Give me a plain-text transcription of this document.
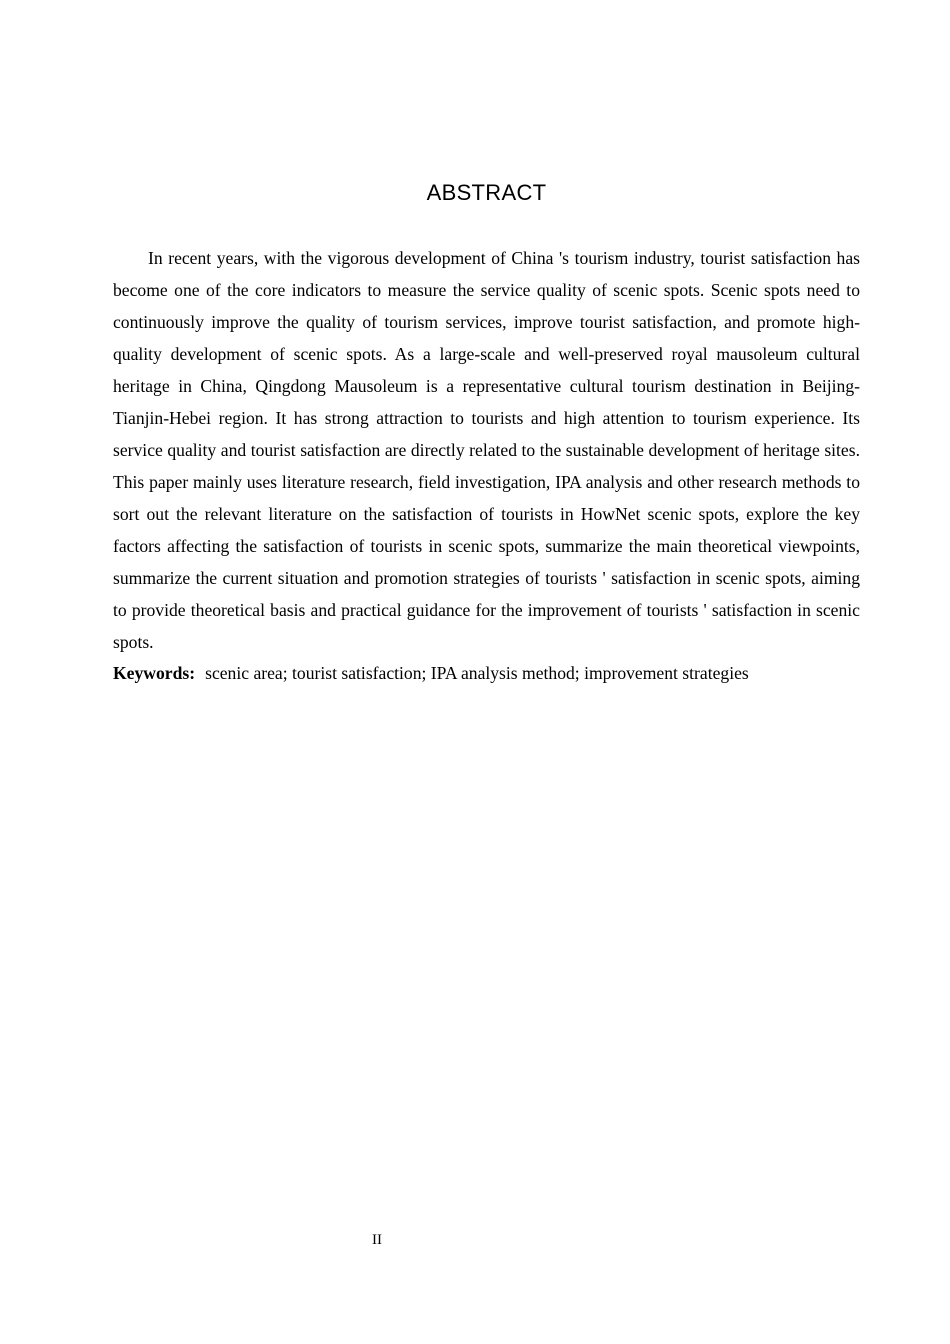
ABSTRACT

In recent years, with the vigorous development of China 's tourism industry, tourist satisfaction has become one of the core indicators to measure the service quality of scenic spots. Scenic spots need to continuously improve the quality of tourism services, improve tourist satisfaction, and promote high-quality development of scenic spots. As a large-scale and well-preserved royal mausoleum cultural heritage in China, Qingdong Mausoleum is a representative cultural tourism destination in Beijing-Tianjin-Hebei region. It has strong attraction to tourists and high attention to tourism experience. Its service quality and tourist satisfaction are directly related to the sustainable development of heritage sites. This paper mainly uses literature research, field investigation, IPA analysis and other research methods to sort out the relevant literature on the satisfaction of tourists in HowNet scenic spots, explore the key factors affecting the satisfaction of tourists in scenic spots, summarize the main theoretical viewpoints, summarize the current situation and promotion strategies of tourists ' satisfaction in scenic spots, aiming to provide theoretical basis and practical guidance for the improvement of tourists ' satisfaction in scenic spots.

Keywords: scenic area; tourist satisfaction; IPA analysis method; improvement strategies

II
